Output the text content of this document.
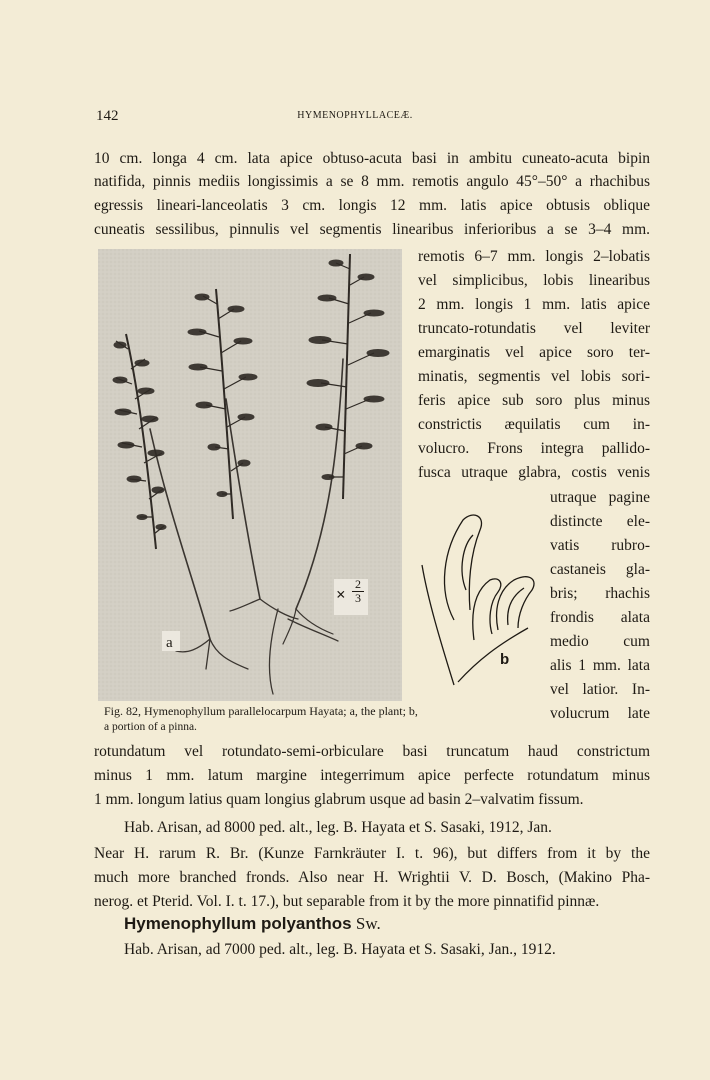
142	HYMENOPHYLLACEÆ.
10 cm. longa 4 cm. lata apice obtuso-acuta basi in ambitu cuneato-acuta bipin
natifida, pinnis mediis longissimis a se 8 mm. remotis angulo 45°–50° a rhachibus
egressis lineari-lanceolatis 3 cm. longis 12 mm. latis apice obtusis oblique
cuneatis sessilibus, pinnulis vel segmentis linearibus inferioribus a se 3–4 mm.
remotis 6–7 mm. longis 2–lobatis
vel simplicibus, lobis linearibus
2 mm. longis 1 mm. latis apice
truncato-rotundatis vel leviter
emarginatis vel apice soro ter-
minatis, segmentis vel lobis sori-
feris apice sub soro plus minus
constrictis æquilatis cum in-
volucro. Frons integra pallido-
fusca utraque glabra, costis venis
utraque pagine
distincte ele-
vatis rubro-
castaneis gla-
bris; rhachis
frondis alata
medio cum
alis 1 mm. lata
vel latior. In-
volucrum late
a
×
2
3
b
Fig. 82, Hymenophyllum parallelocarpum Hayata; a, the plant; b,
a portion of a pinna.
rotundatum vel rotundato-semi-orbiculare basi truncatum haud constrictum
minus 1 mm. latum margine integerrimum apice perfecte rotundatum minus
1 mm. longum latius quam longius glabrum usque ad basin 2–valvatim fissum.
Hab. Arisan, ad 8000 ped. alt., leg. B. Hayata et S. Sasaki, 1912, Jan.
Near H. rarum R. Br. (Kunze Farnkräuter I. t. 96), but differs from it by the
much more branched fronds. Also near H. Wrightii V. D. Bosch, (Makino Pha-
nerog. et Pterid. Vol. I. t. 17.), but separable from it by the more pinnatifid pinnæ.
Hymenophyllum polyanthos Sw.
Hab. Arisan, ad 7000 ped. alt., leg. B. Hayata et S. Sasaki, Jan., 1912.
